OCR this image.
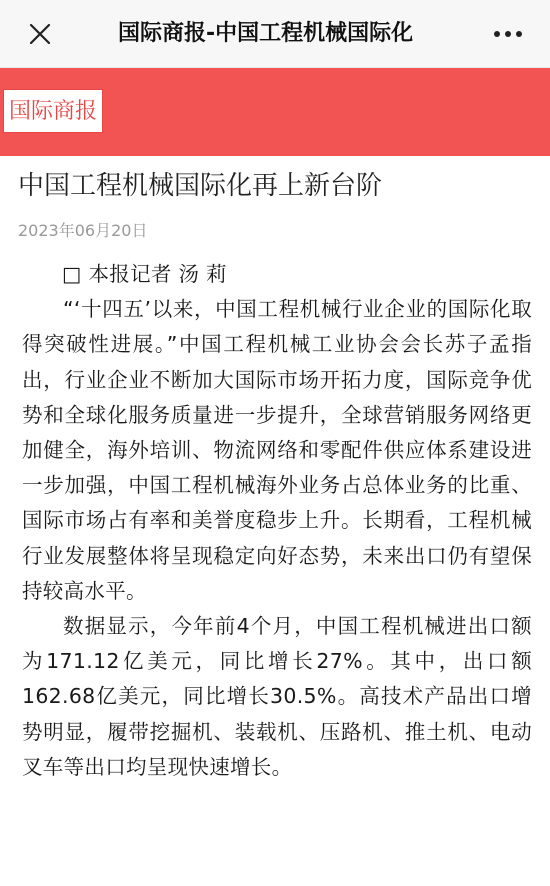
国际商报-中国工程机械国际化
国际商报
中国工程机械国际化再上新台阶
2023年06月20日

□ 本报记者 汤 莉

“‘十四五’以来，中国工程机械行业企业的国际化取得突破性进展。”中国工程机械工业协会会长苏子孟指出，行业企业不断加大国际市场开拓力度，国际竞争优势和全球化服务质量进一步提升，全球营销服务网络更加健全，海外培训、物流网络和零配件供应体系建设进一步加强，中国工程机械海外业务占总体业务的比重、国际市场占有率和美誉度稳步上升。长期看，工程机械行业发展整体将呈现稳定向好态势，未来出口仍有望保持较高水平。

数据显示，今年前4个月，中国工程机械进出口额为171.12亿美元，同比增长27%。其中，出口额162.68亿美元，同比增长30.5%。高技术产品出口增势明显，履带挖掘机、装载机、压路机、推土机、电动叉车等出口均呈现快速增长。
